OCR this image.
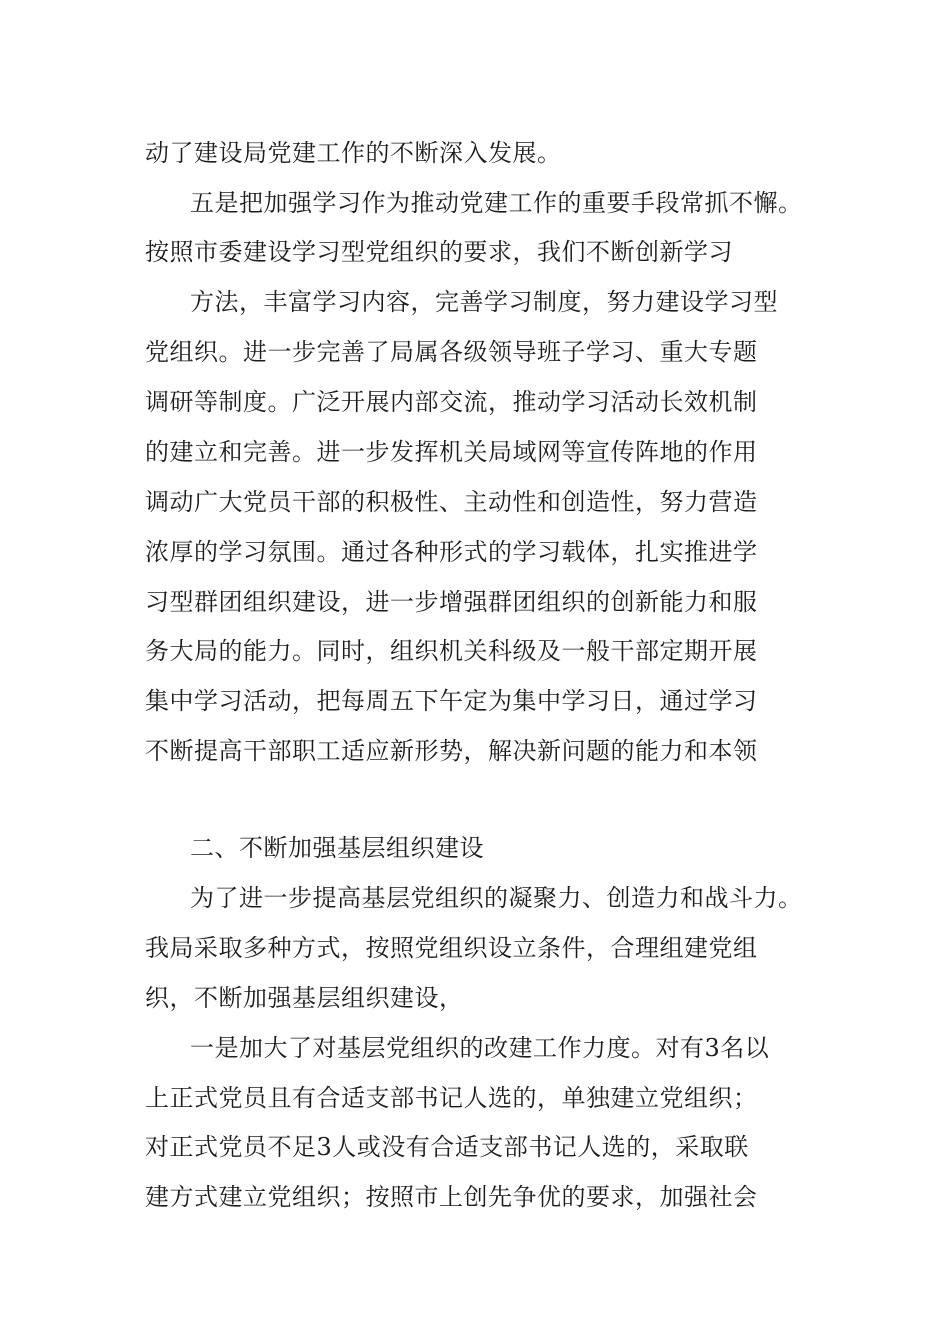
动了建设局党建工作的不断深入发展。
五是把加强学习作为推动党建工作的重要手段常抓不懈。
按照市委建设学习型党组织的要求，我们不断创新学习
方法，丰富学习内容，完善学习制度，努力建设学习型
党组织。进一步完善了局属各级领导班子学习、重大专题
调研等制度。广泛开展内部交流，推动学习活动长效机制
的建立和完善。进一步发挥机关局域网等宣传阵地的作用
调动广大党员干部的积极性、主动性和创造性，努力营造
浓厚的学习氛围。通过各种形式的学习载体，扎实推进学
习型群团组织建设，进一步增强群团组织的创新能力和服
务大局的能力。同时，组织机关科级及一般干部定期开展
集中学习活动，把每周五下午定为集中学习日，通过学习
不断提高干部职工适应新形势，解决新问题的能力和本领
二、不断加强基层组织建设
为了进一步提高基层党组织的凝聚力、创造力和战斗力。
我局采取多种方式，按照党组织设立条件，合理组建党组
织，不断加强基层组织建设，
一是加大了对基层党组织的改建工作力度。对有3名以
上正式党员且有合适支部书记人选的，单独建立党组织；
对正式党员不足3人或没有合适支部书记人选的，采取联
建方式建立党组织；按照市上创先争优的要求，加强社会
